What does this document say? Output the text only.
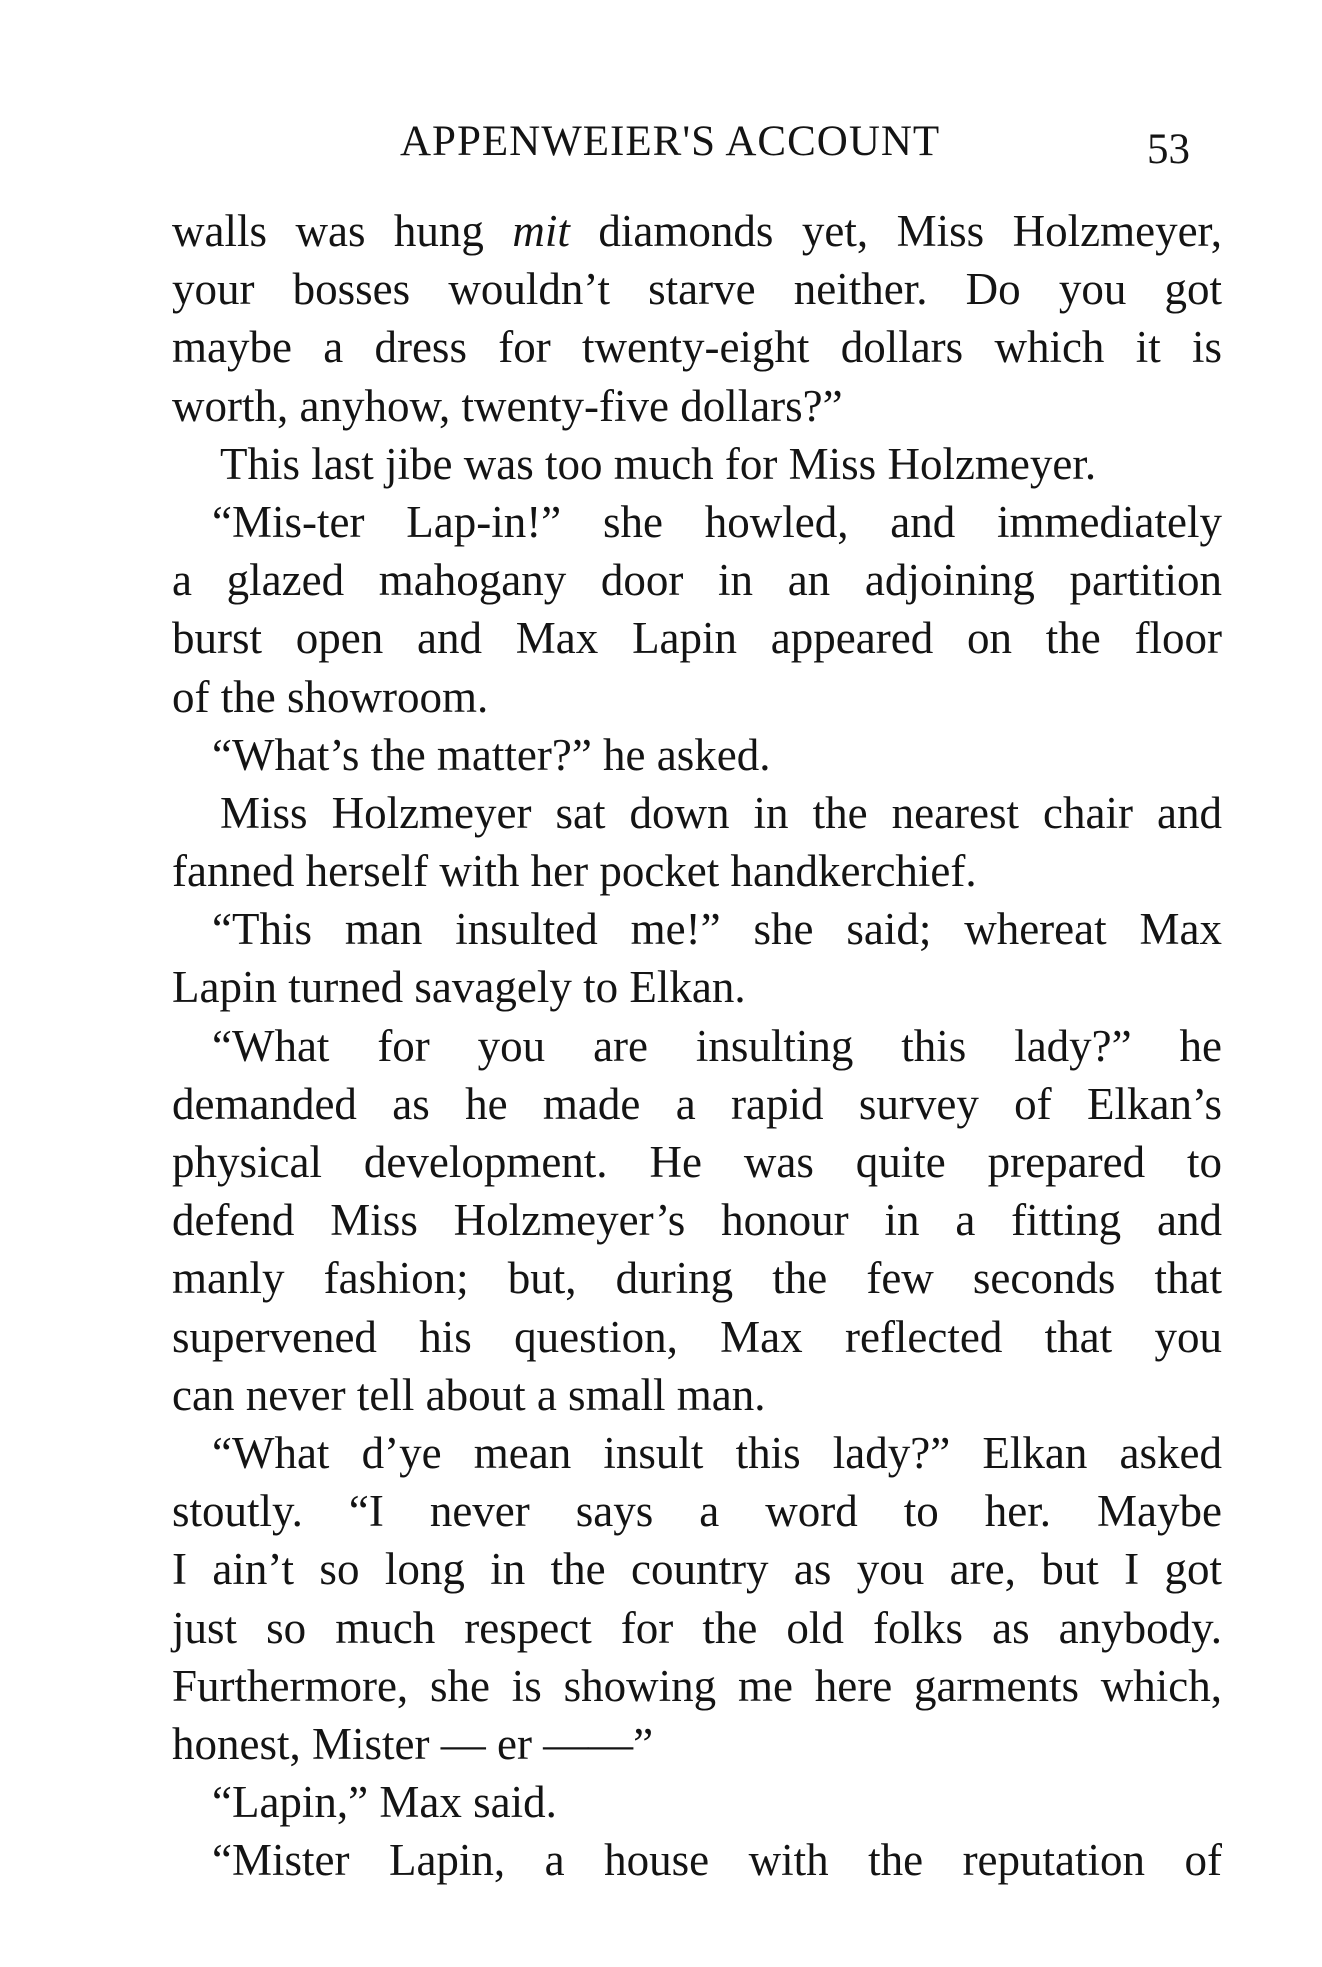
APPENWEIER'S ACCOUNT	53
walls was hung mit diamonds yet, Miss Holzmeyer,
your bosses wouldn’t starve neither. Do you got
maybe a dress for twenty-eight dollars which it is
worth, anyhow, twenty-five dollars?”
This last jibe was too much for Miss Holzmeyer.
“Mis-ter Lap-in!” she howled, and immediately
a glazed mahogany door in an adjoining partition
burst open and Max Lapin appeared on the floor
of the showroom.
“What’s the matter?” he asked.
Miss Holzmeyer sat down in the nearest chair and
fanned herself with her pocket handkerchief.
“This man insulted me!” she said; whereat Max
Lapin turned savagely to Elkan.
“What for you are insulting this lady?” he
demanded as he made a rapid survey of Elkan’s
physical development. He was quite prepared to
defend Miss Holzmeyer’s honour in a fitting and
manly fashion; but, during the few seconds that
supervened his question, Max reflected that you
can never tell about a small man.
“What d’ye mean insult this lady?” Elkan asked
stoutly. “I never says a word to her. Maybe
I ain’t so long in the country as you are, but I got
just so much respect for the old folks as anybody.
Furthermore, she is showing me here garments which,
honest, Mister — er ——”
“Lapin,” Max said.
“Mister Lapin, a house with the reputation of
